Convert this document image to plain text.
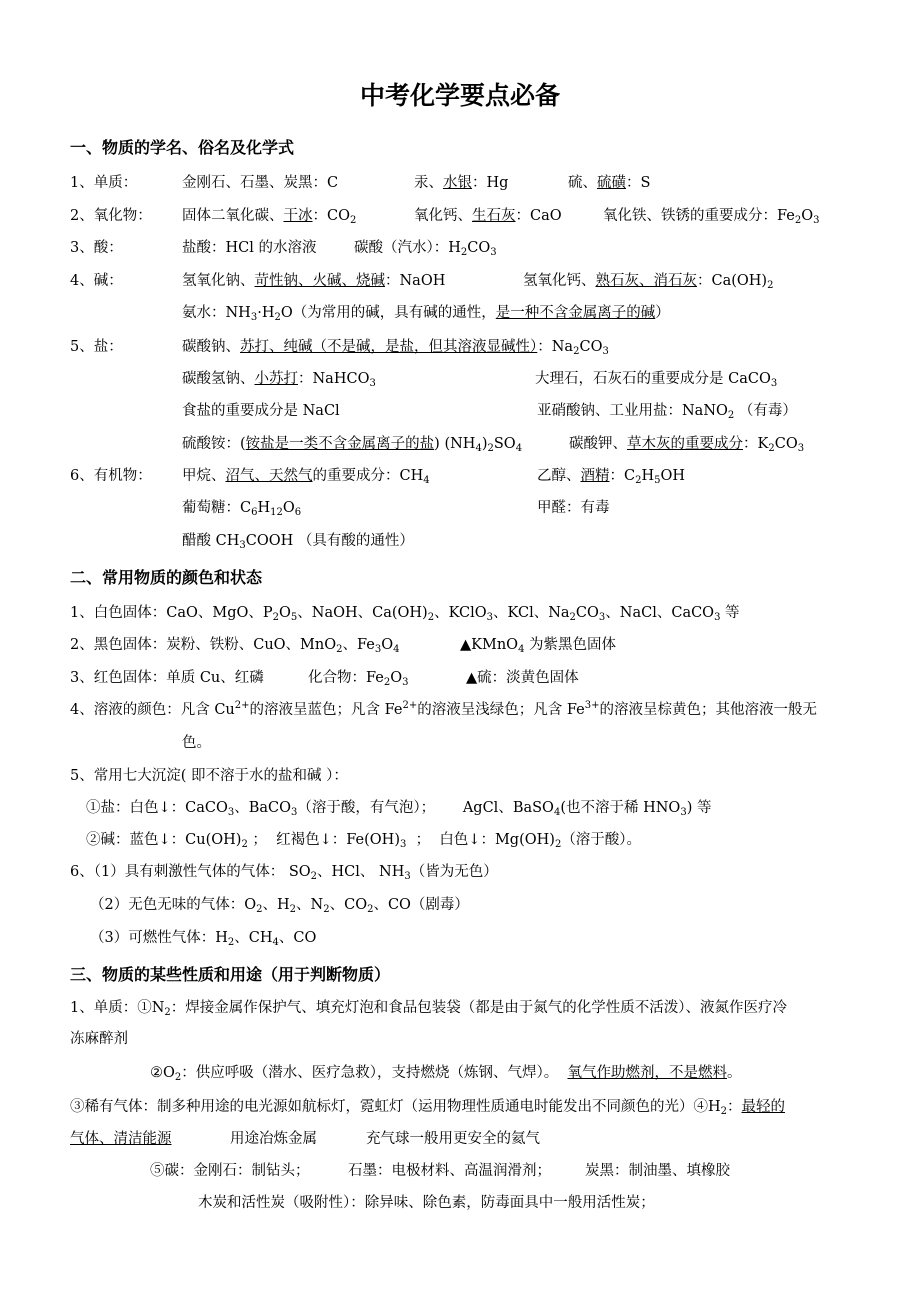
中考化学要点必备
一、物质的学名、俗名及化学式
1、单质：	金刚石、石墨、炭黑：C	汞、水银：Hg	硫、硫磺：S
2、氧化物： 固体二氧化碳、干冰：$CO_2$	氧化钙、生石灰：CaO	氧化铁、铁锈的重要成分：$Fe_2O_3$
3、酸：	盐酸：HCl 的水溶液	碳酸（汽水）：$H_2CO_3$
4、碱：	氢氧化钠、苛性钠、火碱、烧碱：NaOH	氢氧化钙、熟石灰、消石灰：$Ca(OH)_2$
氨水：$NH_3\cdot H_2O$（为常用的碱，具有碱的通性，是一种不含金属离子的碱）
5、盐：	碳酸钠、苏打、纯碱（不是碱，是盐，但其溶液显碱性）：$Na_2CO_3$
碳酸氢钠、小苏打：NaHCO$_3$	大理石，石灰石的重要成分是 CaCO$_3$
食盐的重要成分是 NaCl	亚硝酸钠、工业用盐：NaNO$_2$ （有毒）
硫酸铵：(铵盐是一类不含金属离子的盐) $(NH_4)_2SO_4$	碳酸钾、草木灰的重要成分：$K_2CO_3$
6、有机物： 甲烷、沼气、天然气的重要成分：$CH_4$	乙醇、酒精：$C_2H_5OH$
葡萄糖：$C_6H_{12}O_6$	甲醛：有毒
醋酸 $CH_3COOH$ （具有酸的通性）
二、常用物质的颜色和状态
1、白色固体：CaO、MgO、$P_2O_5$、NaOH、$Ca(OH)_2$、KClO$_3$、KCl、$Na_2CO_3$、NaCl、CaCO$_3$ 等
2、黑色固体：炭粉、铁粉、CuO、MnO$_2$、$Fe_3O_4$	▲KMnO$_4$ 为紫黑色固体
3、红色固体：单质 Cu、红磷	化合物：$Fe_2O_3$	▲硫：淡黄色固体
4、溶液的颜色：凡含 $Cu^{2+}$的溶液呈蓝色；凡含 $Fe^{2+}$的溶液呈浅绿色；凡含 $Fe^{3+}$的溶液呈棕黄色；其他溶液一般无
色。
5、常用七大沉淀( 即不溶于水的盐和碱 ）：
①盐：白色↓：CaCO$_3$、BaCO$_3$（溶于酸，有气泡）； AgCl、BaSO$_4$(也不溶于稀 $HNO_3$) 等
②碱：蓝色↓：$Cu(OH)_2$ ； 红褐色↓：$Fe(OH)_3$ ； 白色↓：$Mg(OH)_2$（溶于酸）。
6、（1）具有刺激性气体的气体： $SO_2$、HCl、 $NH_3$（皆为无色）
（2）无色无味的气体：$O_2$、$H_2$、$N_2$、$CO_2$、CO（剧毒）
（3）可燃性气体：$H_2$、$CH_4$、CO
三、物质的某些性质和用途（用于判断物质）
1、单质：$①N_2$：焊接金属作保护气、填充灯泡和食品包装袋（都是由于氮气的化学性质不活泼）、液氮作医疗冷
冻麻醉剂
$②O_2$：供应呼吸（潜水、医疗急救），支持燃烧（炼钢、气焊）。 氧气作助燃剂，不是燃料。
③稀有气体：制多种用途的电光源如航标灯，霓虹灯（运用物理性质通电时能发出不同颜色的光）$④H_2$：最轻的
气体、清洁能源	用途冶炼金属	充气球一般用更安全的氦气
⑤碳：金刚石：制钻头；	石墨：电极材料、高温润滑剂； 炭黑：制油墨、填橡胶
木炭和活性炭（吸附性）：除异味、除色素，防毒面具中一般用活性炭；
